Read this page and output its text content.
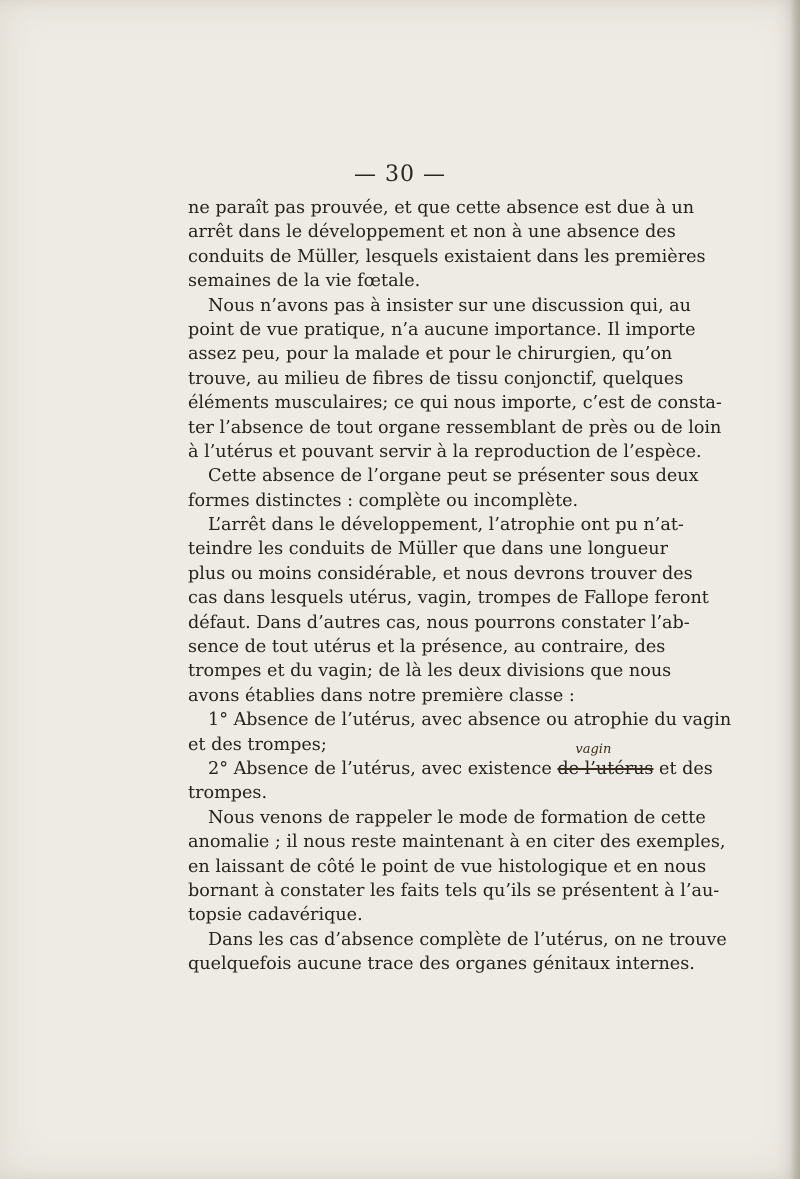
— 30 —
ne paraît pas prouvée, et que cette absence est due à un
arrêt dans le développement et non à une absence des
conduits de Müller, lesquels existaient dans les premières
semaines de la vie fœtale.
Nous n’avons pas à insister sur une discussion qui, au
point de vue pratique, n’a aucune importance. Il importe
assez peu, pour la malade et pour le chirurgien, qu’on
trouve, au milieu de fibres de tissu conjonctif, quelques
éléments musculaires; ce qui nous importe, c’est de consta-
ter l’absence de tout organe ressemblant de près ou de loin
à l’utérus et pouvant servir à la reproduction de l’espèce.
Cette absence de l’organe peut se présenter sous deux
formes distinctes : complète ou incomplète.
L’arrêt dans le développement, l’atrophie ont pu n’at-
teindre les conduits de Müller que dans une longueur
plus ou moins considérable, et nous devrons trouver des
cas dans lesquels utérus, vagin, trompes de Fallope feront
défaut. Dans d’autres cas, nous pourrons constater l’ab-
sence de tout utérus et la présence, au contraire, des
trompes et du vagin; de là les deux divisions que nous
avons établies dans notre première classe :
1° Absence de l’utérus, avec absence ou atrophie du vagin
et des trompes;
2° Absence de l’utérus, avec existence de l’utérus
vagin
et des
trompes.
Nous venons de rappeler le mode de formation de cette
anomalie ; il nous reste maintenant à en citer des exemples,
en laissant de côté le point de vue histologique et en nous
bornant à constater les faits tels qu’ils se présentent à l’au-
topsie cadavérique.
Dans les cas d’absence complète de l’utérus, on ne trouve
quelquefois aucune trace des organes génitaux internes.
